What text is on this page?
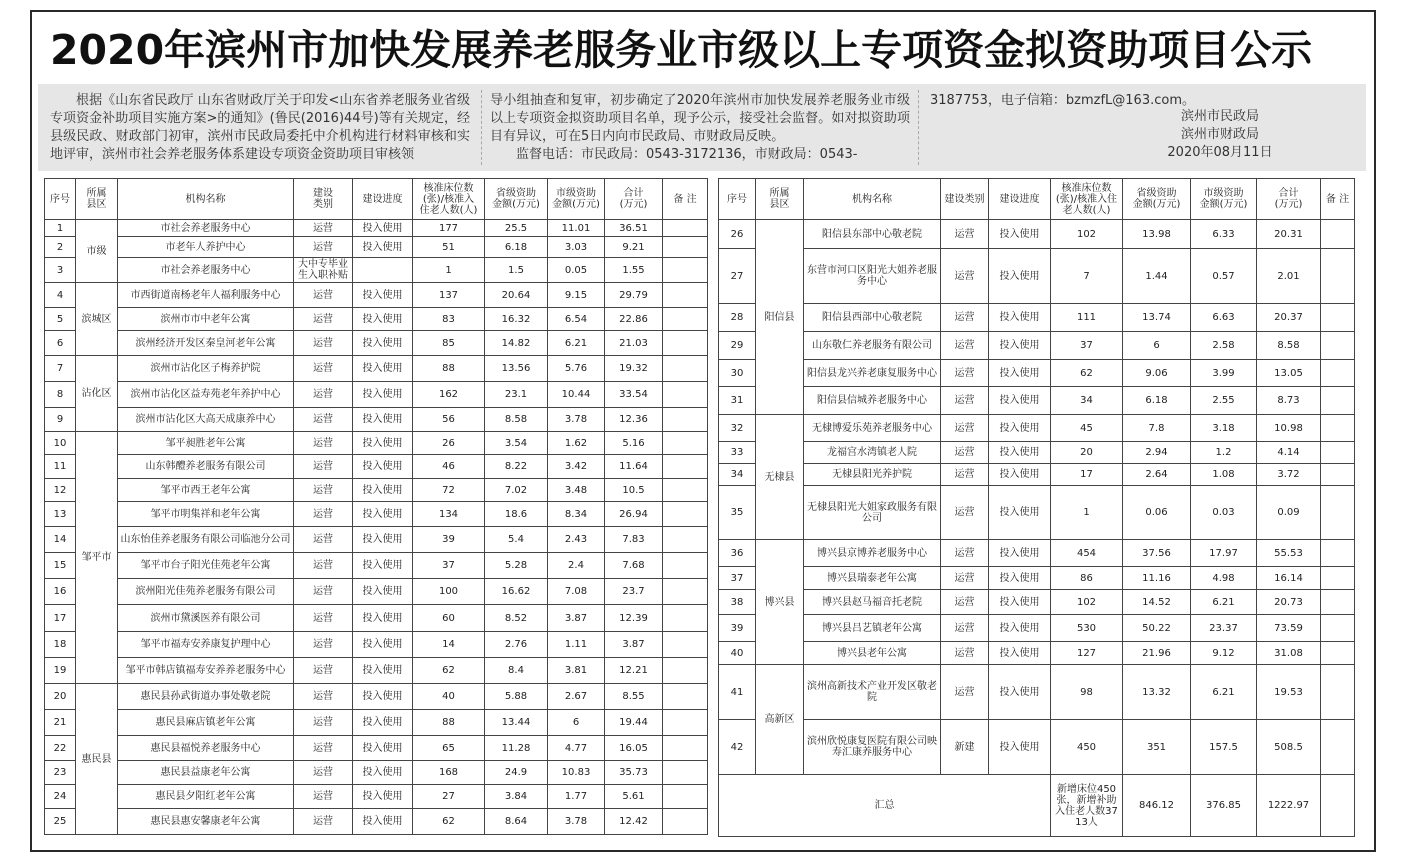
2020年滨州市加快发展养老服务业市级以上专项资金拟资助项目公示
根据《山东省民政厅 山东省财政厅关于印发<山东省养老服务业省级专项资金补助项目实施方案>的通知》(鲁民(2016)44号)等有关规定，经县级民政、财政部门初审，滨州市民政局委托中介机构进行材料审核和实地评审，滨州市社会养老服务体系建设专项资金资助项目审核领

导小组抽查和复审，初步确定了2020年滨州市加快发展养老服务业市级以上专项资金拟资助项目名单，现予公示，接受社会监督。如对拟资助项目有异议，可在5日内向市民政局、市财政局反映。

监督电话：市民政局：0543-3172136，市财政局：0543-

3187753，电子信箱：bzmzfL@163.com。
滨州市民政局
滨州市财政局
2020年08月11日
序号	所属
县区	机构名称	建设
类别	建设进度	核准床位数
(张)/核准入
住老人数(人)	省级资助
金额(万元)	市级资助
金额(万元)	合计
(万元)	备 注
1	市级	市社会养老服务中心	运营	投入使用	177	25.5	11.01	36.51	
2		市老年人养护中心	运营	投入使用	51	6.18	3.03	9.21	
3		市社会养老服务中心	大中专毕业生入职补贴		1	1.5	0.05	1.55	
4	滨城区	市西街道南杨老年人福利服务中心	运营	投入使用	137	20.64	9.15	29.79	
5		滨州市市中老年公寓	运营	投入使用	83	16.32	6.54	22.86	
6		滨州经济开发区秦皇河老年公寓	运营	投入使用	85	14.82	6.21	21.03	
7	沾化区	滨州市沾化区子梅养护院	运营	投入使用	88	13.56	5.76	19.32	
8		滨州市沾化区益寿苑老年养护中心	运营	投入使用	162	23.1	10.44	33.54	
9		滨州市沾化区大高天成康养中心	运营	投入使用	56	8.58	3.78	12.36	
10	邹平市	邹平昶胜老年公寓	运营	投入使用	26	3.54	1.62	5.16	
11		山东韩醴养老服务有限公司	运营	投入使用	46	8.22	3.42	11.64	
12		邹平市西王老年公寓	运营	投入使用	72	7.02	3.48	10.5	
13		邹平市明集祥和老年公寓	运营	投入使用	134	18.6	8.34	26.94	
14		山东怡佳养老服务有限公司临池分公司	运营	投入使用	39	5.4	2.43	7.83	
15		邹平市台子阳光佳苑老年公寓	运营	投入使用	37	5.28	2.4	7.68	
16		滨州阳光佳苑养老服务有限公司	运营	投入使用	100	16.62	7.08	23.7	
17		滨州市黛溪医养有限公司	运营	投入使用	60	8.52	3.87	12.39	
18		邹平市福寿安养康复护理中心	运营	投入使用	14	2.76	1.11	3.87	
19		邹平市韩店镇福寿安养养老服务中心	运营	投入使用	62	8.4	3.81	12.21	
20	惠民县	惠民县孙武街道办事处敬老院	运营	投入使用	40	5.88	2.67	8.55	
21		惠民县麻店镇老年公寓	运营	投入使用	88	13.44	6	19.44	
22		惠民县福悦养老服务中心	运营	投入使用	65	11.28	4.77	16.05	
23		惠民县益康老年公寓	运营	投入使用	168	24.9	10.83	35.73	
24		惠民县夕阳红老年公寓	运营	投入使用	27	3.84	1.77	5.61	
25		惠民县惠安馨康老年公寓	运营	投入使用	62	8.64	3.78	12.42	
序号	所属
县区	机构名称	建设类别	建设进度	核准床位数
(张)/核准入住
老人数(人)	省级资助
金额(万元)	市级资助
金额(万元)	合计
(万元)	备 注
26	阳信县	阳信县东部中心敬老院	运营	投入使用	102	13.98	6.33	20.31	
27		东营市河口区阳光大姐养老服务中心	运营	投入使用	7	1.44	0.57	2.01	
28		阳信县西部中心敬老院	运营	投入使用	111	13.74	6.63	20.37	
29		山东敬仁养老服务有限公司	运营	投入使用	37	6	2.58	8.58	
30		阳信县龙兴养老康复服务中心	运营	投入使用	62	9.06	3.99	13.05	
31		阳信县信城养老服务中心	运营	投入使用	34	6.18	2.55	8.73	
32	无棣县	无棣博爱乐苑养老服务中心	运营	投入使用	45	7.8	3.18	10.98	
33		龙福宫水湾镇老人院	运营	投入使用	20	2.94	1.2	4.14	
34		无棣县阳光养护院	运营	投入使用	17	2.64	1.08	3.72	
35		无棣县阳光大姐家政服务有限公司	运营	投入使用	1	0.06	0.03	0.09	
36	博兴县	博兴县京博养老服务中心	运营	投入使用	454	37.56	17.97	55.53	
37		博兴县瑞泰老年公寓	运营	投入使用	86	11.16	4.98	16.14	
38		博兴县赵马福音托老院	运营	投入使用	102	14.52	6.21	20.73	
39		博兴县吕艺镇老年公寓	运营	投入使用	530	50.22	23.37	73.59	
40		博兴县老年公寓	运营	投入使用	127	21.96	9.12	31.08	
41	高新区	滨州高新技术产业开发区敬老院	运营	投入使用	98	13.32	6.21	19.53	
42		滨州欣悦康复医院有限公司映寿汇康养服务中心	新建	投入使用	450	351	157.5	508.5	
汇总					新增床位450张，新增补助入住老人数3713人	846.12	376.85	1222.97	
